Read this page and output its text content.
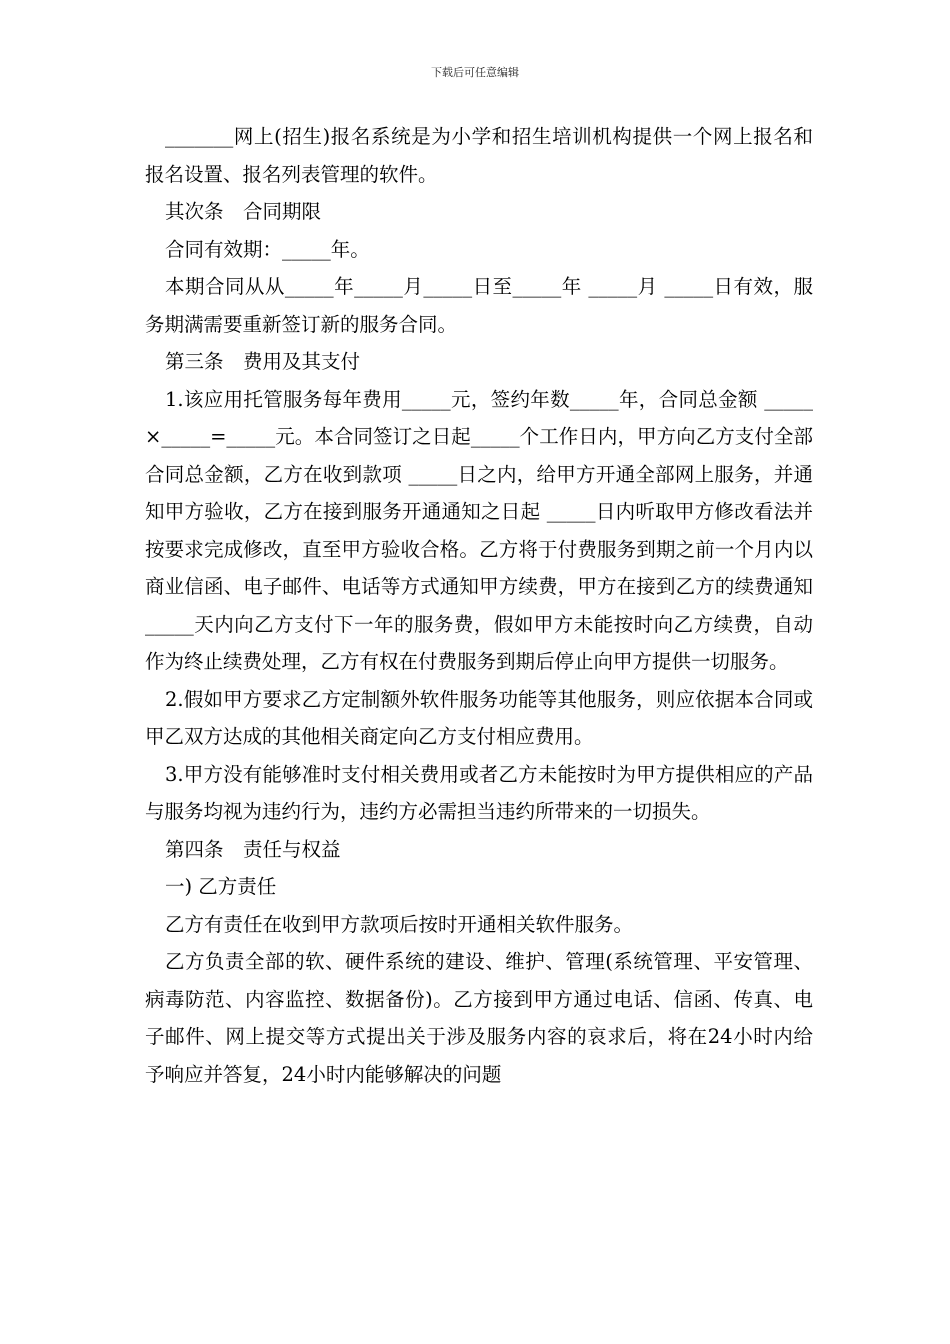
下载后可任意编辑

_______网上(招生)报名系统是为小学和招生培训机构提供一个网上报名和报名设置、报名列表管理的软件。

其次条　合同期限

合同有效期：_____年。

本期合同从从_____年_____月_____日至_____年 _____月 _____日有效，服务期满需要重新签订新的服务合同。

第三条　费用及其支付

1.该应用托管服务每年费用_____元，签约年数_____年，合同总金额 _____×_____=_____元。本合同签订之日起_____个工作日内，甲方向乙方支付全部合同总金额，乙方在收到款项 _____日之内，给甲方开通全部网上服务，并通知甲方验收，乙方在接到服务开通通知之日起 _____日内听取甲方修改看法并按要求完成修改，直至甲方验收合格。乙方将于付费服务到期之前一个月内以商业信函、电子邮件、电话等方式通知甲方续费，甲方在接到乙方的续费通知 _____天内向乙方支付下一年的服务费，假如甲方未能按时向乙方续费，自动作为终止续费处理，乙方有权在付费服务到期后停止向甲方提供一切服务。

2.假如甲方要求乙方定制额外软件服务功能等其他服务，则应依据本合同或甲乙双方达成的其他相关商定向乙方支付相应费用。

3.甲方没有能够准时支付相关费用或者乙方未能按时为甲方提供相应的产品与服务均视为违约行为，违约方必需担当违约所带来的一切损失。

第四条　责任与权益

一) 乙方责任

乙方有责任在收到甲方款项后按时开通相关软件服务。

乙方负责全部的软、硬件系统的建设、维护、管理(系统管理、平安管理、病毒防范、内容监控、数据备份)。乙方接到甲方通过电话、信函、传真、电子邮件、网上提交等方式提出关于涉及服务内容的哀求后，将在24小时内给予响应并答复，24小时内能够解决的问题
